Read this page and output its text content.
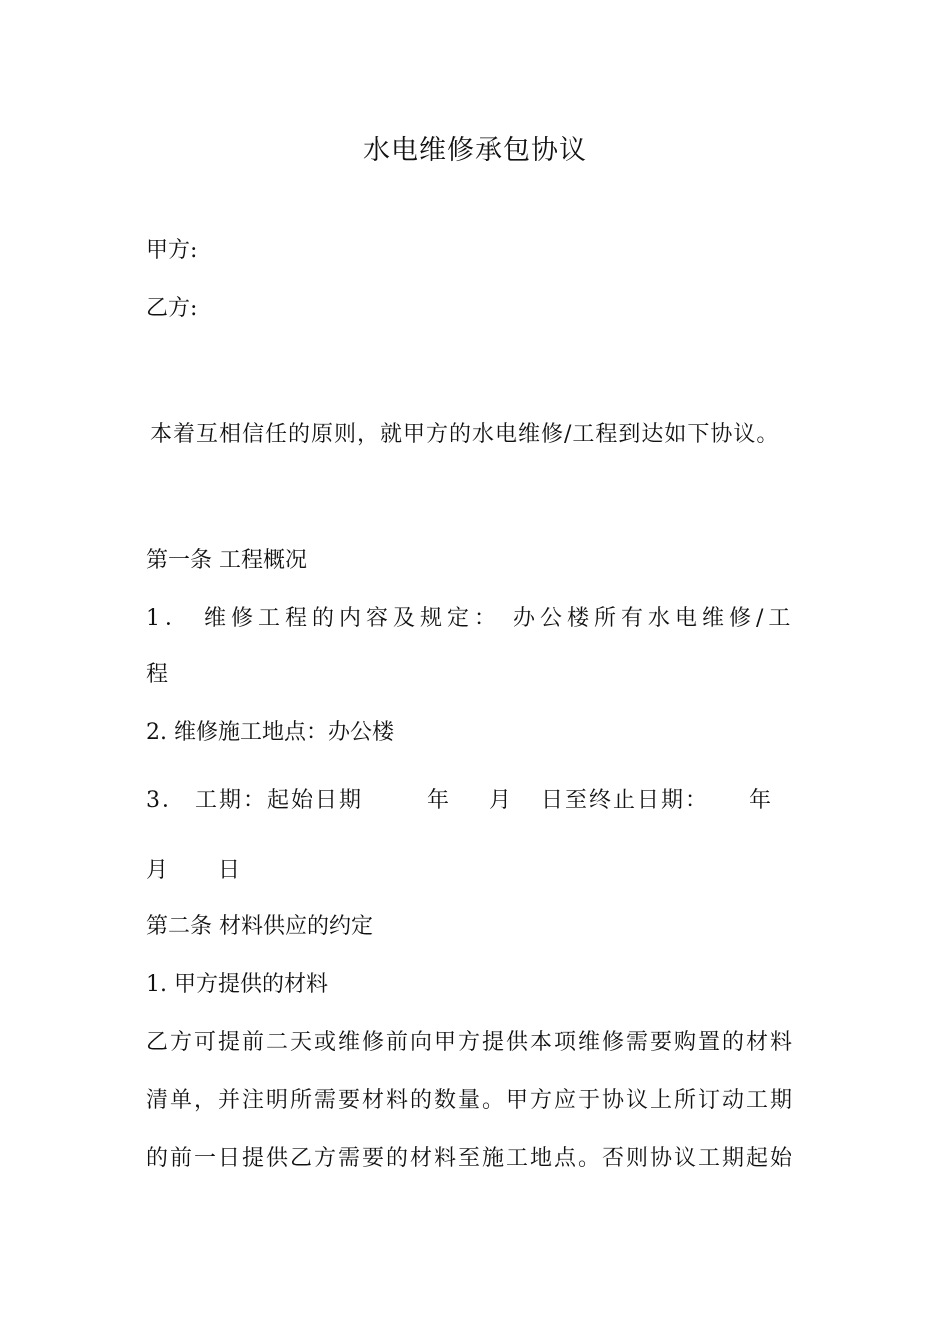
水电维修承包协议
甲方:
乙方:
本着互相信任的原则，就甲方的水电维修/工程到达如下协议。
第一条 工程概况
1． 维修工程的内容及规定： 办公楼所有水电维修/工
程
2. 维修施工地点：办公楼
3． 工期：起始日期	年 月 日至终止日期： 年
月 日
第二条 材料供应的约定
1. 甲方提供的材料
乙方可提前二天或维修前向甲方提供本项维修需要购置的材料
清单，并注明所需要材料的数量。甲方应于协议上所订动工期
的前一日提供乙方需要的材料至施工地点。否则协议工期起始
